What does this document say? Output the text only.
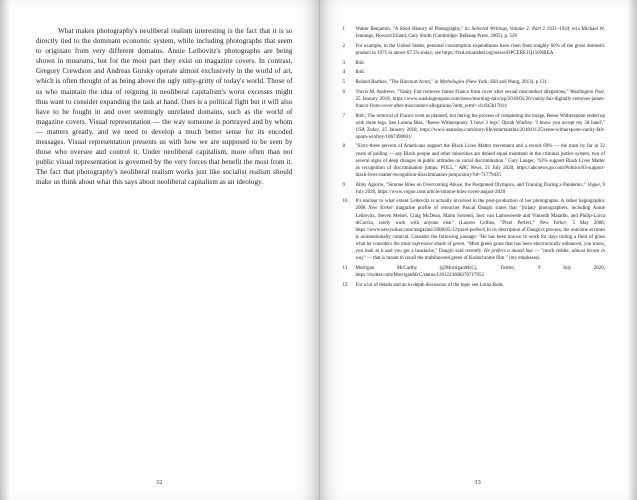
What makes photography's neoliberal realism interesting is the fact that it is so directly tied to the dominant economic system, while including photographs that seem to originate from very different domains. Annie Leibovitz's photographs are being shown in museums, but for the most part they exist on magazine covers. In contrast, Gregory Crewdson and Andreas Gursky operate almost exclusively in the world of art, which is often thought of as being above the ugly nitty-gritty of today's world. Those of us who maintain the idea of reigning in neoliberal capitalism's worst excesses might thus want to consider expanding the task at hand. Ours is a political fight but it will also have to be fought in and over seemingly unrelated domains, such as the world of magazine covers. Visual representation — the way someone is portrayed and by whom — matters greatly, and we need to develop a much better sense for its encoded messages. Visual representation presents us with how we are supposed to be seen by those who oversee and control it. Under neoliberal capitalism, more often than not public visual representation is governed by the very forces that benefit the most from it. The fact that photography's neoliberal realism works just like socialist realism should make us think about what this says about neoliberal capitalism as an ideology.

32
1	Walter Benjamin, "A Short History of Photography," in: Selected Writings, Volume 2: Part 2 1931–1934, ed.s Michael W. Jennings, Howard Eiland, Gary Smith (Cambridge: Belknap Press, 2005), p. 526
2	For example, in the United States, personal consumption expenditures have risen from roughly 60% of the gross domestic product in 1975 to above 67.5% today; see https://fred.stlouisfed.org/series/DPCERE1Q156NBEA
3	Ibid.
4	Ibid.
5	Roland Barthes, "The Harcourt Actor," in Mythologies (New York: Hill and Wang, 2013), p 131.
6	Travis M. Andrews, "Vanity Fair removes James Franco from cover after sexual misconduct allegations," Washington Post, 25 January 2018, https://www.washingtonpost.com/news/morning-mix/wp/2018/01/26/vanity-fair-digitally-removes-james-franco-from-cover-after-misconduct-allegations/?utm_term=.cb1fa5b17014
7	Ibid.; The removal of Franco went as planned, but during the process of completing the image, Reese Witherspoon ended up with three legs. See Lorena Blas, "Reese Witherspoon: 'I have 3 legs'; Oprah Winfrey: 'I know you accept my 3d hand'," USA Today, 25 January 2018, https://www.usatoday.com/story/life/entertainthis/2018/01/25/reese-witherspoon-vanity-fair-oprah-winfrey/1067490001/
8	"Sixty-three percent of Americans support the Black Lives Matter movement and a record 69% — the most by far in 32 years of polling — say Black people and other minorities are denied equal treatment in the criminal justice system, two of several signs of deep changes in public attitudes on racial discrimination." Gary Langer, "63% support Black Lives Matter as recognition of discrimination jumps: POLL," ABC News, 21 July 2020, https://abcnews.go.com/Politics/63-support-black-lives-matter-recognition-discrimination-jumps/story?id=71779435
9	Abby Aguirre, "Simone Biles on Overcoming Abuse, the Postponed Olympics, and Training During a Pandemic," Vogue, 9 July 2020, https://www.vogue.com/article/simone-biles-cover-august-2020
10	It's unclear to what extent Leibovitz is actually involved in the post-production of her photographs. A rather hagiographic 2008 New Yorker magazine profile of retoucher Pascal Dangin states that "[m]any photographers, including Annie Leibovitz, Steven Meisel, Craig McDean, Mario Sorrenti, Inez van Lamsweerde and Vinoodh Matadin, and Philip-Lorca diCorcia, rarely work with anyone else." (Lauren Collins, "Pixel Perfect," New Yorker, 5 May 2008, https://www.newyorker.com/magazine/2008/05/12/pixel-perfect) In its description of Dangin's process, the outcome at times is unintentionally comical. Consider the following passage: "He has been known to work for days tinting a field of grass what he considers the most expressive shade of green. "Most green grass that has been electronically enhanced, you know, you look at it and you get a headache," Dangin said recently. He prefers a muted hue — "much redder, almost brown in way" — that is meant to recall the multilayered green of Kodachrome film." (my emphases)
11	Morrigan McCarthy (@MorriganMcC), Twitter, 9 July 2020, https://twitter.com/MorriganMcC/status/1281223608270717952
12	For a lot of details and an in-depth discussion of the topic see Lorna Roth,
33
